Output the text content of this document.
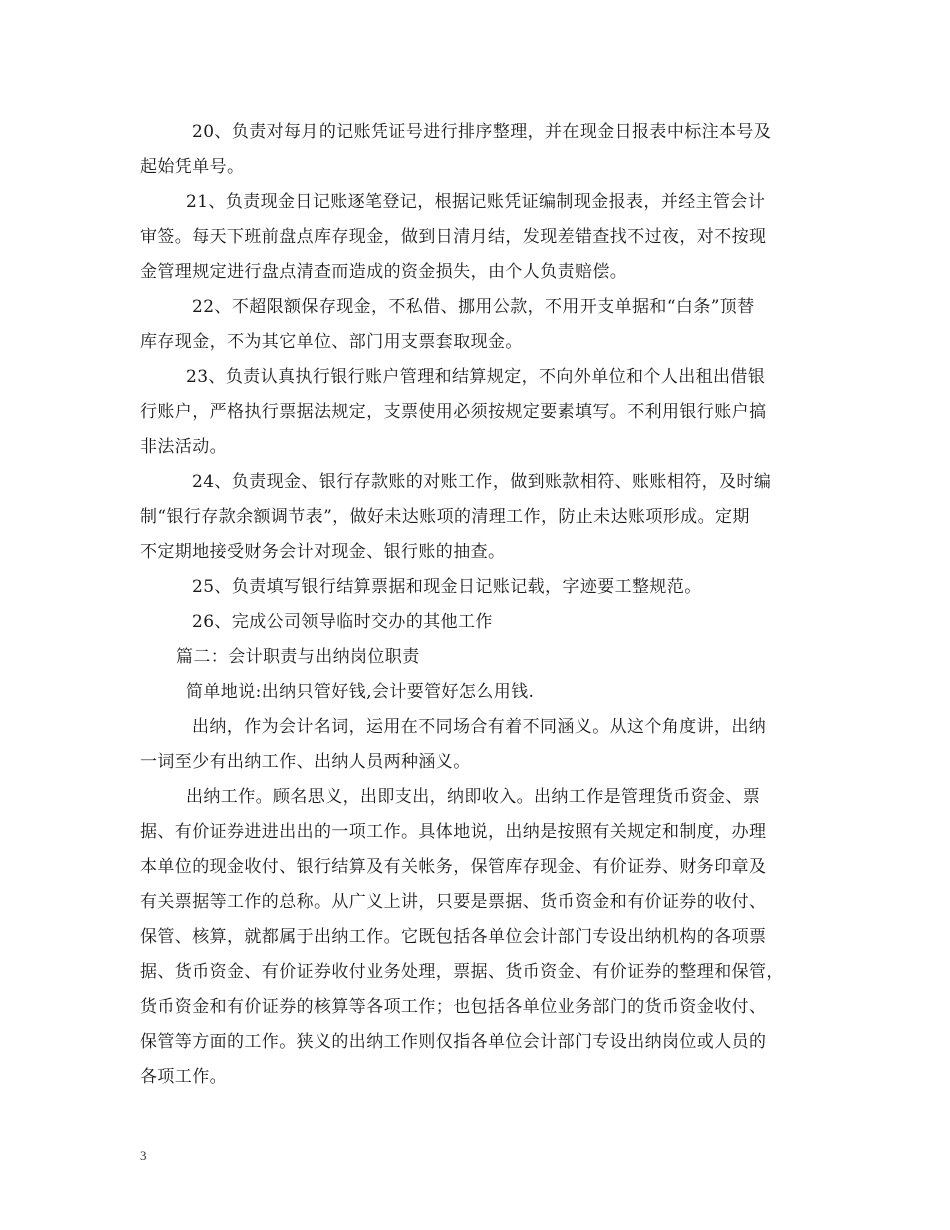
20、负责对每月的记账凭证号进行排序整理，并在现金日报表中标注本号及
起始凭单号。
21、负责现金日记账逐笔登记，根据记账凭证编制现金报表，并经主管会计
审签。每天下班前盘点库存现金，做到日清月结，发现差错查找不过夜，对不按现
金管理规定进行盘点清查而造成的资金损失，由个人负责赔偿。
22、不超限额保存现金，不私借、挪用公款，不用开支单据和“白条”顶替
库存现金，不为其它单位、部门用支票套取现金。
23、负责认真执行银行账户管理和结算规定，不向外单位和个人出租出借银
行账户，严格执行票据法规定，支票使用必须按规定要素填写。不利用银行账户搞
非法活动。
24、负责现金、银行存款账的对账工作，做到账款相符、账账相符，及时编
制“银行存款余额调节表”，做好未达账项的清理工作，防止未达账项形成。定期
不定期地接受财务会计对现金、银行账的抽查。
25、负责填写银行结算票据和现金日记账记载，字迹要工整规范。
26、完成公司领导临时交办的其他工作
篇二：会计职责与出纳岗位职责
简单地说:出纳只管好钱,会计要管好怎么用钱.
出纳，作为会计名词，运用在不同场合有着不同涵义。从这个角度讲，出纳
一词至少有出纳工作、出纳人员两种涵义。
出纳工作。顾名思义，出即支出，纳即收入。出纳工作是管理货币资金、票
据、有价证券进进出出的一项工作。具体地说，出纳是按照有关规定和制度，办理
本单位的现金收付、银行结算及有关帐务，保管库存现金、有价证券、财务印章及
有关票据等工作的总称。从广义上讲，只要是票据、货币资金和有价证券的收付、
保管、核算，就都属于出纳工作。它既包括各单位会计部门专设出纳机构的各项票
据、货币资金、有价证券收付业务处理，票据、货币资金、有价证券的整理和保管，
货币资金和有价证券的核算等各项工作；也包括各单位业务部门的货币资金收付、
保管等方面的工作。狭义的出纳工作则仅指各单位会计部门专设出纳岗位或人员的
各项工作。
3
